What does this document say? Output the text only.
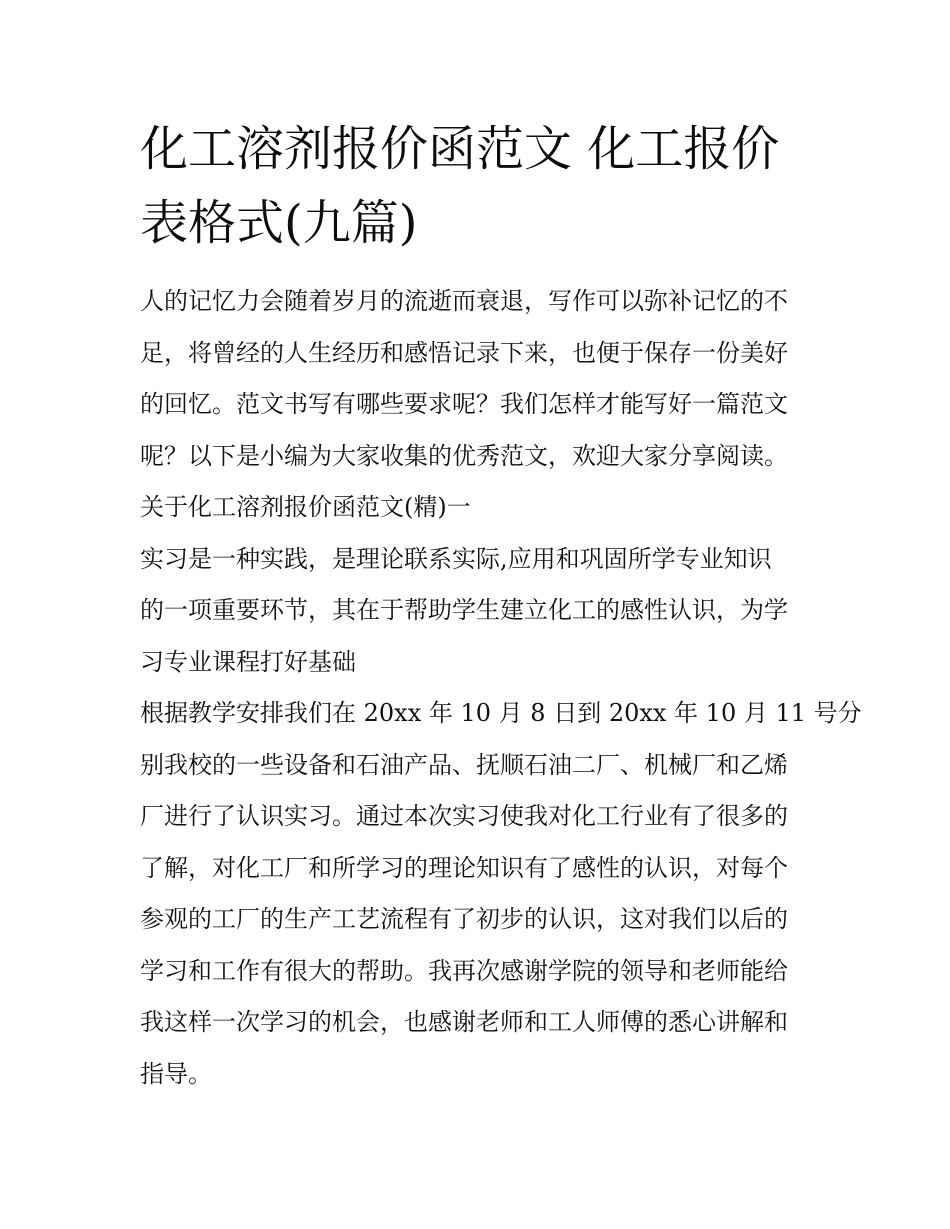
化工溶剂报价函范文 化工报价
表格式(九篇)
人的记忆力会随着岁月的流逝而衰退，写作可以弥补记忆的不
足，将曾经的人生经历和感悟记录下来，也便于保存一份美好
的回忆。范文书写有哪些要求呢？我们怎样才能写好一篇范文
呢？以下是小编为大家收集的优秀范文，欢迎大家分享阅读。
关于化工溶剂报价函范文(精)一
实习是一种实践，是理论联系实际,应用和巩固所学专业知识
的一项重要环节，其在于帮助学生建立化工的感性认识，为学
习专业课程打好基础
根据教学安排我们在 20xx 年 10 月 8 日到 20xx 年 10 月 11 号分
别我校的一些设备和石油产品、抚顺石油二厂、机械厂和乙烯
厂进行了认识实习。通过本次实习使我对化工行业有了很多的
了解，对化工厂和所学习的理论知识有了感性的认识，对每个
参观的工厂的生产工艺流程有了初步的认识，这对我们以后的
学习和工作有很大的帮助。我再次感谢学院的领导和老师能给
我这样一次学习的机会，也感谢老师和工人师傅的悉心讲解和
指导。
